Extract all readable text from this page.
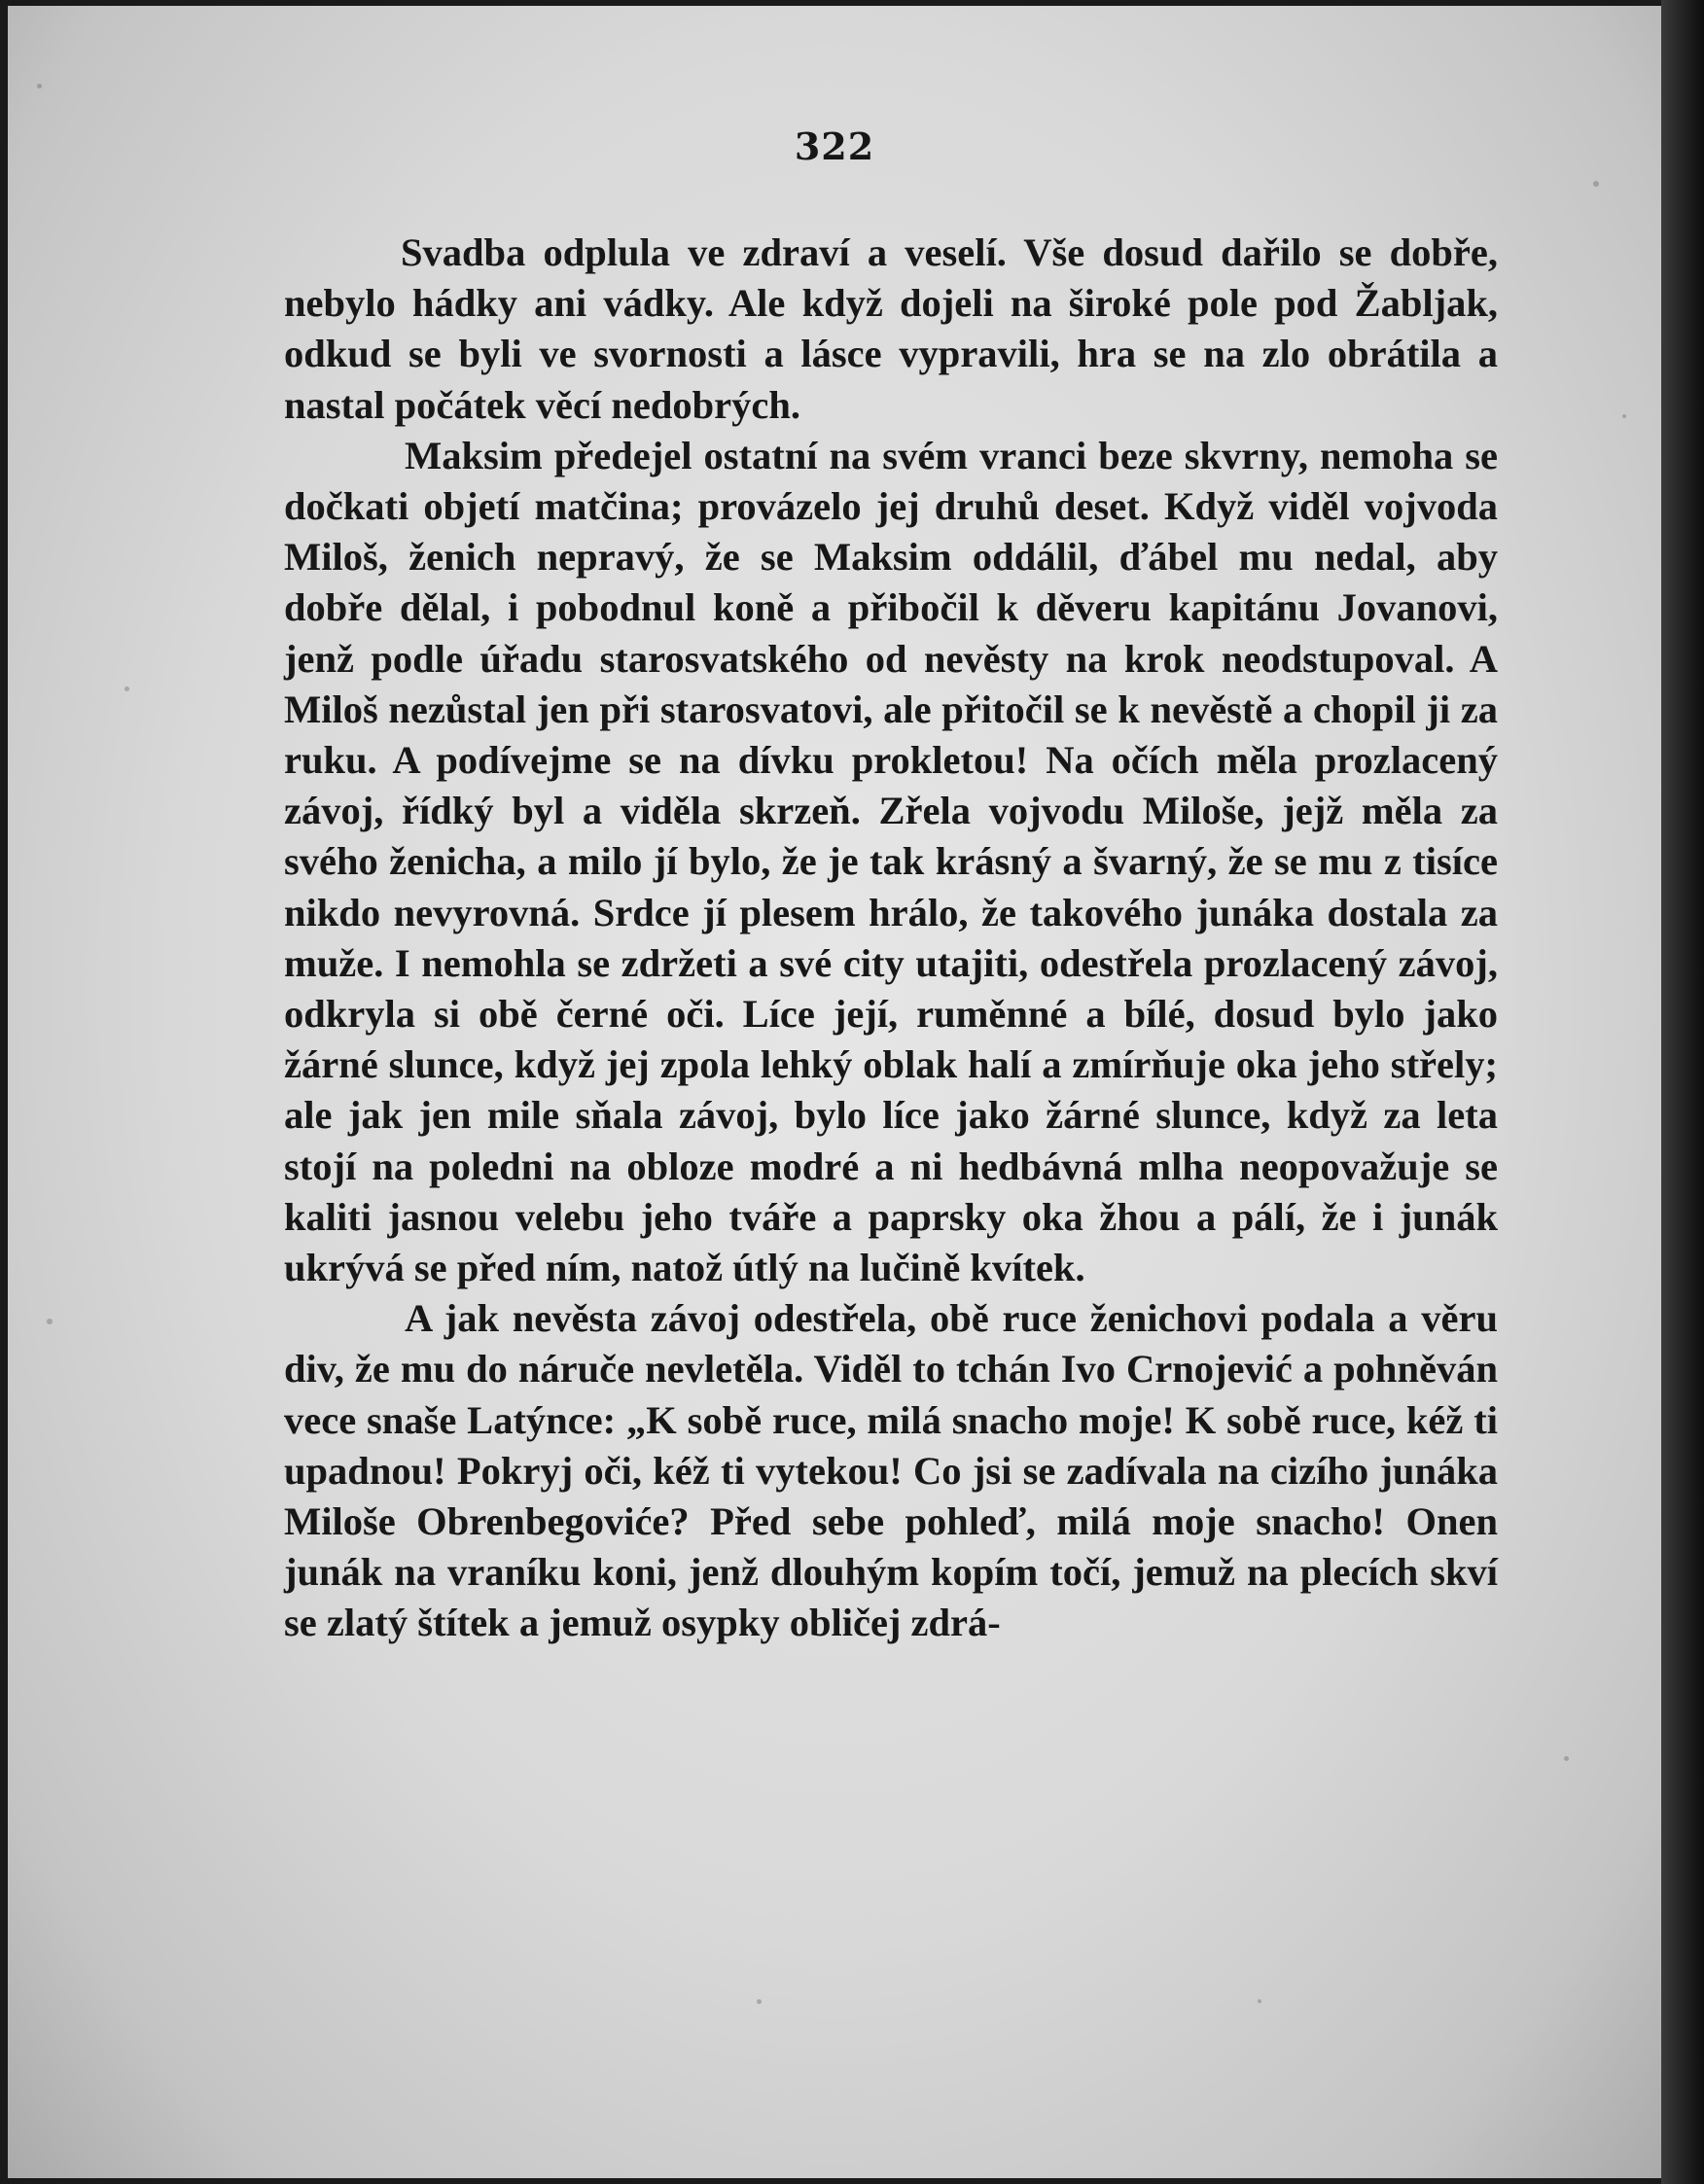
322

Svadba odplula ve zdraví a veselí. Vše dosud dařilo se dobře, nebylo hádky ani vádky. Ale když dojeli na široké pole pod Žabljak, odkud se byli ve svornosti a lásce vypravili, hra se na zlo obrátila a nastal počátek věcí nedobrých.

Maksim předejel ostatní na svém vranci beze skvrny, nemoha se dočkati objetí matčina; provázelo jej druhů deset. Když viděl vojvoda Miloš, ženich nepravý, že se Maksim oddálil, ďábel mu nedal, aby dobře dělal, i pobodnul koně a přibočil k děveru kapitánu Jovanovi, jenž podle úřadu starosvatského od nevěsty na krok neodstupoval. A Miloš nezůstal jen při starosvatovi, ale přitočil se k nevěstě a chopil ji za ruku. A podívejme se na dívku prokletou! Na očích měla prozlacený závoj, řídký byl a viděla skrzeň. Zřela vojvodu Miloše, jejž měla za svého ženicha, a milo jí bylo, že je tak krásný a švarný, že se mu z tisíce nikdo nevyrovná. Srdce jí plesem hrálo, že takového junáka dostala za muže. I nemohla se zdržeti a své city utajiti, odestřela prozlacený závoj, odkryla si obě černé oči. Líce její, ruměnné a bílé, dosud bylo jako žárné slunce, když jej zpola lehký oblak halí a zmírňuje oka jeho střely; ale jak jen mile sňala závoj, bylo líce jako žárné slunce, když za leta stojí na poledni na obloze modré a ni hedbávná mlha neopovažuje se kaliti jasnou velebu jeho tváře a paprsky oka žhou a pálí, že i junák ukrývá se před ním, natož útlý na lučině kvítek.

A jak nevěsta závoj odestřela, obě ruce ženichovi podala a věru div, že mu do náruče nevletěla. Viděl to tchán Ivo Crnojević a pohněván vece snaše Latýnce: „K sobě ruce, milá snacho moje! K sobě ruce, kéž ti upadnou! Pokryj oči, kéž ti vytekou! Co jsi se zadívala na cizího junáka Miloše Obrenbegoviće? Před sebe pohleď, milá moje snacho! Onen junák na vraníku koni, jenž dlouhým kopím točí, jemuž na plecích skví se zlatý štítek a jemuž osypky obličej zdrá-
